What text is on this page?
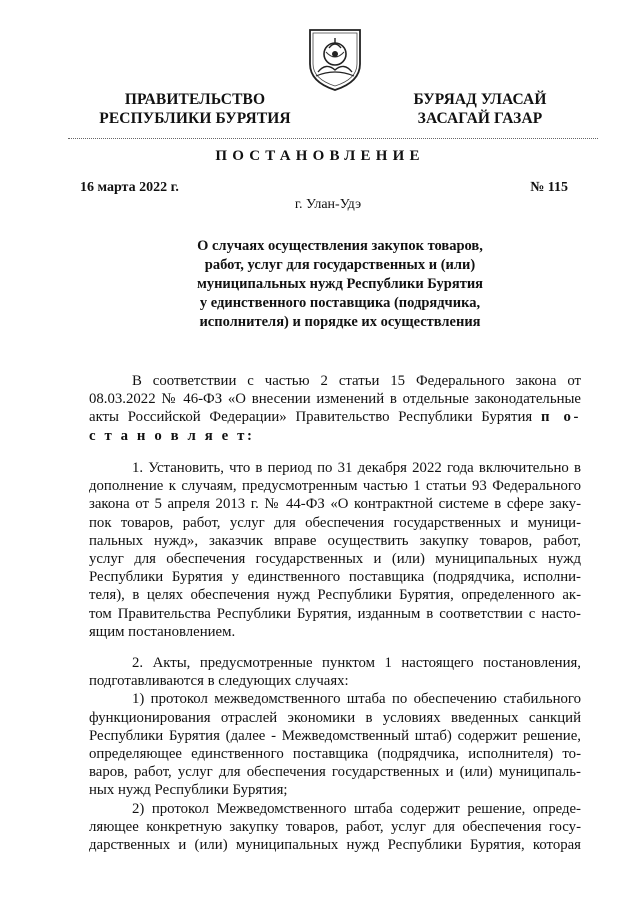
ПРАВИТЕЛЬСТВО
РЕСПУБЛИКИ БУРЯТИЯ
БУРЯАД УЛАСАЙ
ЗАСАГАЙ ГАЗАР
ПОСТАНОВЛЕНИЕ
16 марта 2022 г.	№ 115
г. Улан-Удэ
О случаях осуществления закупок товаров,
работ, услуг для государственных и (или)
муниципальных нужд Республики Бурятия
у единственного поставщика (подрядчика,
исполнителя) и порядке их осуществления
В соответствии с частью 2 статьи 15 Федерального закона от
08.03.2022 № 46-ФЗ «О внесении изменений в отдельные законодательные
акты Российской Федерации» Правительство Республики Бурятия п о-
с т а н о в л я е т:
1. Установить, что в период по 31 декабря 2022 года включительно в
дополнение к случаям, предусмотренным частью 1 статьи 93 Федерального
закона от 5 апреля 2013 г. № 44-ФЗ «О контрактной системе в сфере заку-
пок товаров, работ, услуг для обеспечения государственных и муници-
пальных нужд», заказчик вправе осуществить закупку товаров, работ,
услуг для обеспечения государственных и (или) муниципальных нужд
Республики Бурятия у единственного поставщика (подрядчика, исполни-
теля), в целях обеспечения нужд Республики Бурятия, определенного ак-
том Правительства Республики Бурятия, изданным в соответствии с насто-
ящим постановлением.
2. Акты, предусмотренные пунктом 1 настоящего постановления,
подготавливаются в следующих случаях:
1) протокол межведомственного штаба по обеспечению стабильного
функционирования отраслей экономики в условиях введенных санкций
Республики Бурятия (далее - Межведомственный штаб) содержит решение,
определяющее единственного поставщика (подрядчика, исполнителя) то-
варов, работ, услуг для обеспечения государственных и (или) муниципаль-
ных нужд Республики Бурятия;
2) протокол Межведомственного штаба содержит решение, опреде-
ляющее конкретную закупку товаров, работ, услуг для обеспечения госу-
дарственных и (или) муниципальных нужд Республики Бурятия, которая
